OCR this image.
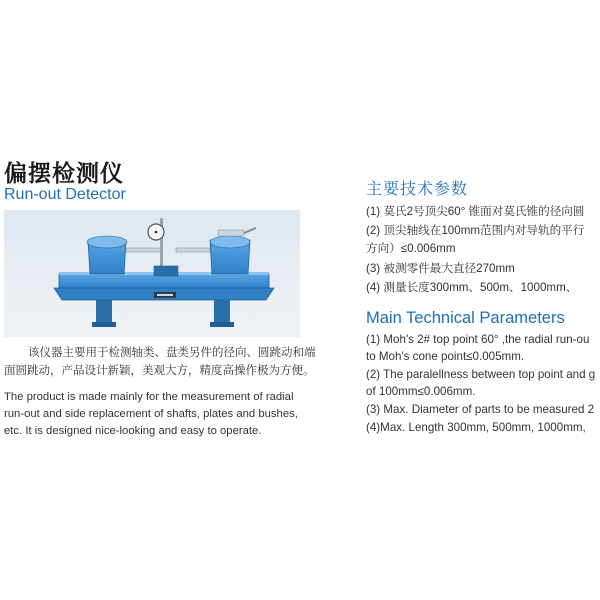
偏摆检测仪
Run-out Detector
该仪器主要用于检测轴类、盘类另件的径向、圆跳动和端
面圆跳动，产品设计新颖，美观大方，精度高操作极为方便。
The product is made mainly for the measurement of radial
run-out and side replacement of shafts, plates and bushes,
etc. It is designed nice-looking and easy to operate.
主要技术参数
(1) 莫氏2号顶尖60° 锥面对莫氏锥的径向圆
(2) 顶尖轴线在100mm范围内对导轨的平行
方向）≤0.006mm
(3) 被测零件最大直径270mm
(4) 测量长度300mm、500m、1000mm、
Main Technical Parameters
(1) Moh's 2# top point 60° ,the radial run-ou
to Moh's cone point≤0.005mm.
(2) The paralellness between top point and g
of 100mm≤0.006mm.
(3) Max. Diameter of parts to be measured 2
(4)Max. Length 300mm, 500mm, 1000mm,
